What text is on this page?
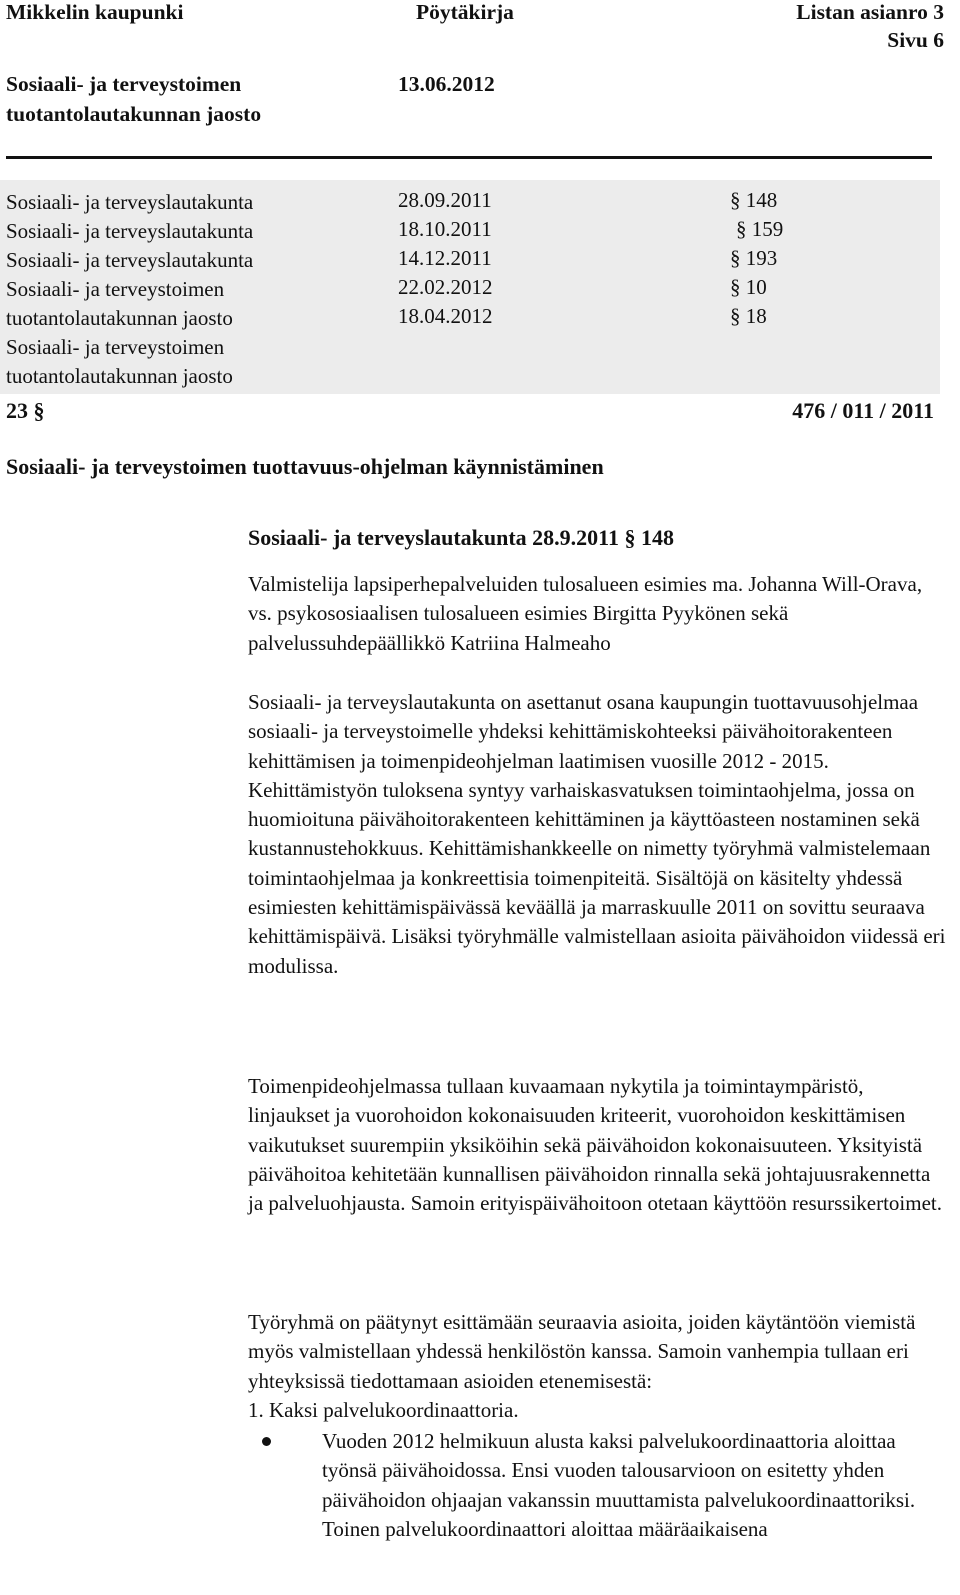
Mikkelin kaupunki	Pöytäkirja	Listan asianro 3
Sivu 6
Sosiaali- ja terveystoimen
tuotantolautakunnan jaosto
13.06.2012
Sosiaali- ja terveyslautakunta	28.09.2011	§ 148
Sosiaali- ja terveyslautakunta	18.10.2011	§ 159
Sosiaali- ja terveyslautakunta	14.12.2011	§ 193
Sosiaali- ja terveystoimen	22.02.2012	§ 10
tuotantolautakunnan jaosto	18.04.2012	§ 18
Sosiaali- ja terveystoimen
tuotantolautakunnan jaosto
23 §	476 / 011 / 2011
Sosiaali- ja terveystoimen tuottavuus-ohjelman käynnistäminen
Sosiaali- ja terveyslautakunta 28.9.2011 § 148

Valmistelija lapsiperhepalveluiden tulosalueen esimies ma. Johanna Will-Orava, vs. psykososiaalisen tulosalueen esimies Birgitta Pyykönen sekä palvelussuhdepäällikkö Katriina Halmeaho

Sosiaali- ja terveyslautakunta on asettanut osana kaupungin tuottavuusohjelmaa sosiaali- ja terveystoimelle yhdeksi kehittämiskohteeksi päivähoitorakenteen kehittämisen ja toimenpideohjelman laatimisen vuosille 2012 - 2015. Kehittämistyön tuloksena syntyy varhaiskasvatuksen toimintaohjelma, jossa on huomioituna päivähoitorakenteen kehittäminen ja käyttöasteen nostaminen sekä kustannustehokkuus. Kehittämishankkeelle on nimetty työryhmä valmistelemaan toimintaohjelmaa ja konkreettisia toimenpiteitä. Sisältöjä on käsitelty yhdessä esimiesten kehittämispäivässä keväällä ja marraskuulle 2011 on sovittu seuraava kehittämispäivä. Lisäksi työryhmälle valmistellaan asioita päivähoidon viidessä eri modulissa.

Toimenpideohjelmassa tullaan kuvaamaan nykytila ja toimintaympäristö, linjaukset ja vuorohoidon kokonaisuuden kriteerit, vuorohoidon keskittämisen vaikutukset suurempiin yksiköihin sekä päivähoidon kokonaisuuteen. Yksityistä päivähoitoa kehitetään kunnallisen päivähoidon rinnalla sekä johtajuusrakennetta ja palveluohjausta. Samoin erityispäivähoitoon otetaan käyttöön resurssikertoimet.

Työryhmä on päätynyt esittämään seuraavia asioita, joiden käytäntöön viemistä myös valmistellaan yhdessä henkilöstön kanssa. Samoin vanhempia tullaan eri yhteyksissä tiedottamaan asioiden etenemisestä:

1. Kaksi palvelukoordinaattoria.

Vuoden 2012 helmikuun alusta kaksi palvelukoordinaattoria aloittaa työnsä päivähoidossa. Ensi vuoden talousarvioon on esitetty yhden päivähoidon ohjaajan vakanssin muuttamista palvelukoordinaattoriksi. Toinen palvelukoordinaattori aloittaa määräaikaisena
